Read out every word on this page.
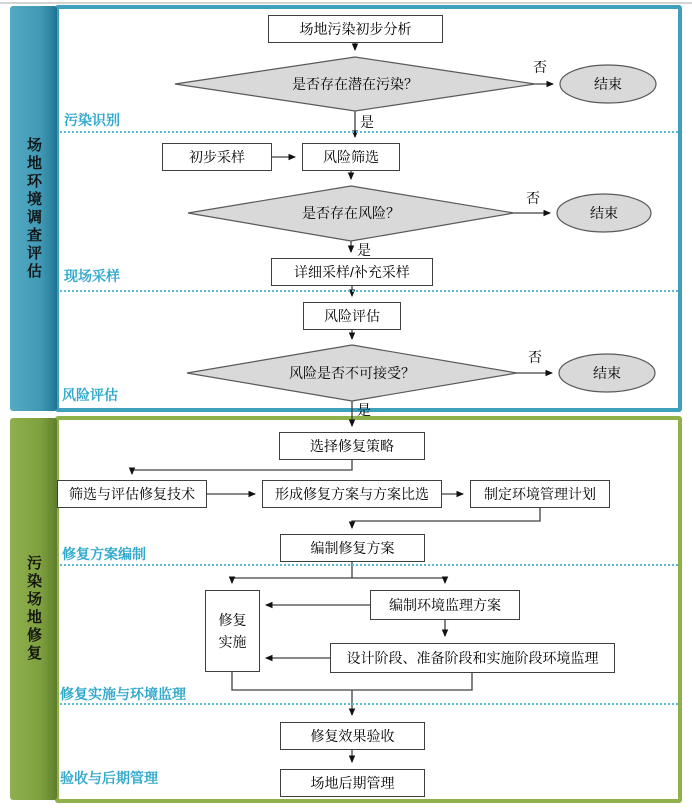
污染识别
现场采样
风险评估
修复方案编制
修复实施与环境监理
验收与后期管理
场地污染初步分析
初步采样	风险筛选
详细采样/补充采样
风险评估
选择修复策略
筛选与评估修复技术	形成修复方案与方案比选	制定环境管理计划
编制修复方案
修复实施
编制环境监理方案
设计阶段、准备阶段和实施阶段环境监理
修复效果验收
场地后期管理
是否存在潜在污染？
是否存在风险？
风险是否不可接受？
结束
结束
结束
否
否
否
是
是
是
场地环境调查评估
污染场地修复
